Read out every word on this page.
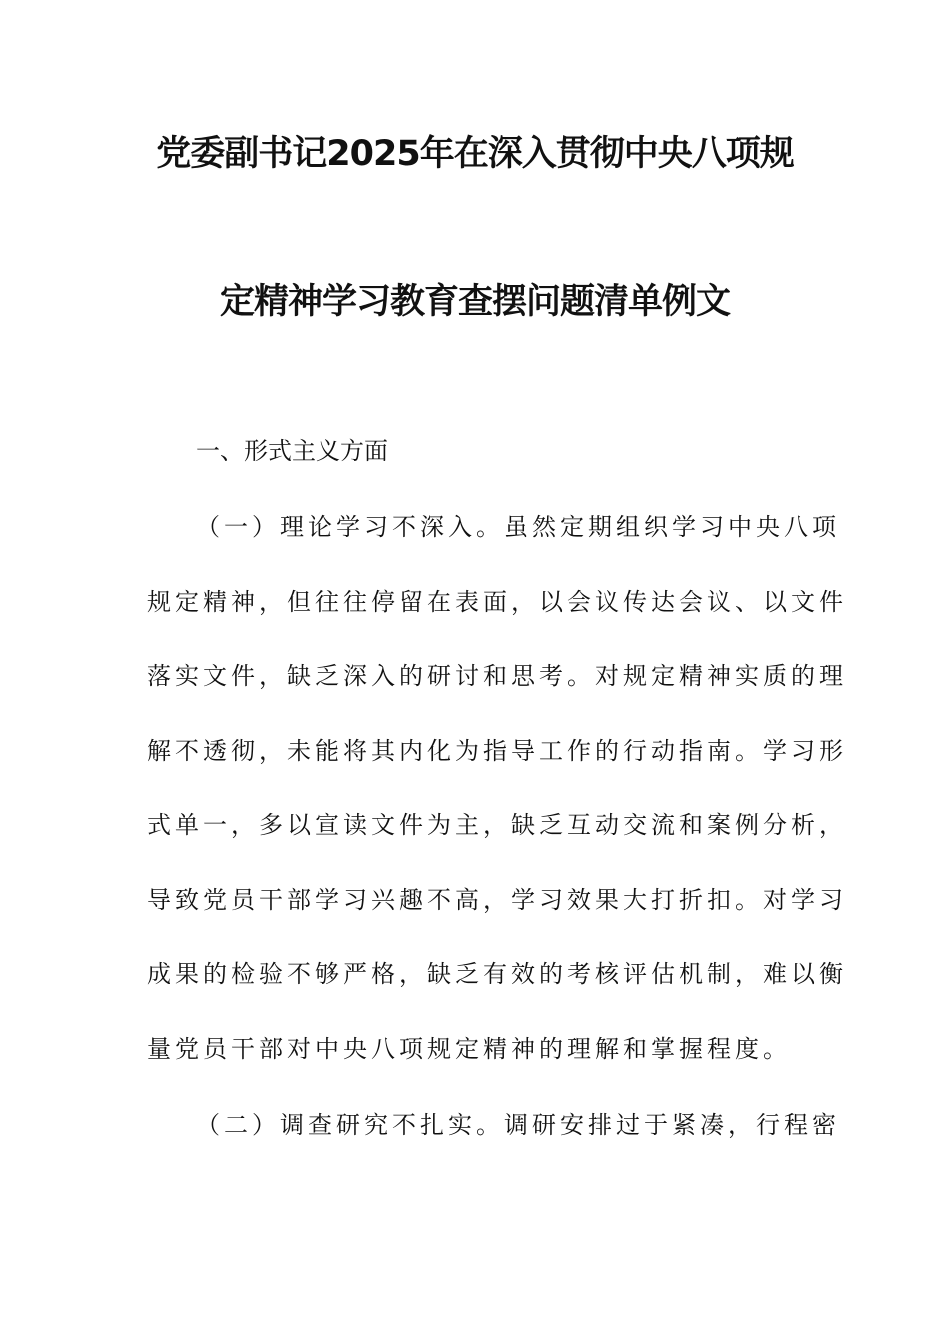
党委副书记2025年在深入贯彻中央八项规
定精神学习教育查摆问题清单例文
一、形式主义方面
（一）理论学习不深入。虽然定期组织学习中央八项
规定精神，但往往停留在表面，以会议传达会议、以文件
落实文件，缺乏深入的研讨和思考。对规定精神实质的理
解不透彻，未能将其内化为指导工作的行动指南。学习形
式单一，多以宣读文件为主，缺乏互动交流和案例分析，
导致党员干部学习兴趣不高，学习效果大打折扣。对学习
成果的检验不够严格，缺乏有效的考核评估机制，难以衡
量党员干部对中央八项规定精神的理解和掌握程度。
（二）调查研究不扎实。调研安排过于紧凑，行程密
